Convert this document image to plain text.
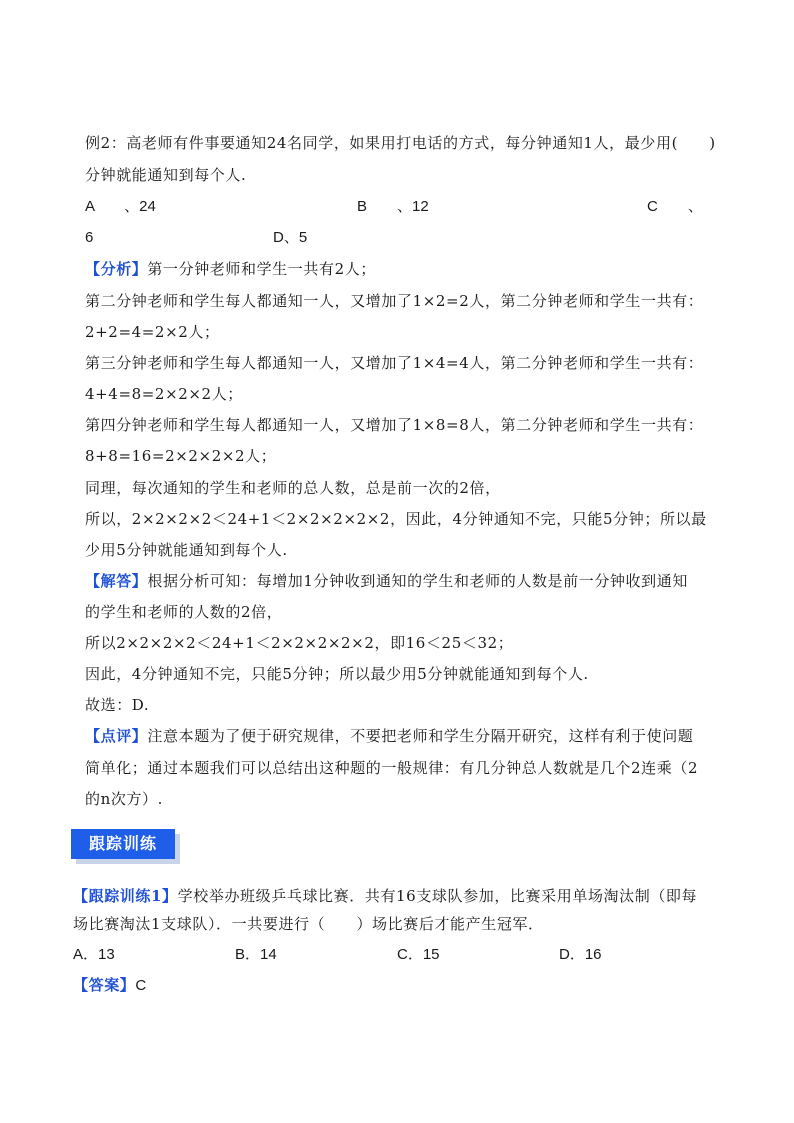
例2：高老师有件事要通知24名同学，如果用打电话的方式，每分钟通知1人，最少用(　　)
分钟就能通知到每个人.
A　　、24	B　　、12	C　　、
6	D、5
【分析】第一分钟老师和学生一共有2人；
第二分钟老师和学生每人都通知一人，又增加了1×2=2人，第二分钟老师和学生一共有：
2+2=4=2×2人；
第三分钟老师和学生每人都通知一人，又增加了1×4=4人，第二分钟老师和学生一共有：
4+4=8=2×2×2人；
第四分钟老师和学生每人都通知一人，又增加了1×8=8人，第二分钟老师和学生一共有：
8+8=16=2×2×2×2人；
同理，每次通知的学生和老师的总人数，总是前一次的2倍，
所以，2×2×2×2＜24+1＜2×2×2×2×2，因此，4分钟通知不完，只能5分钟；所以最
少用5分钟就能通知到每个人.
【解答】根据分析可知：每增加1分钟收到通知的学生和老师的人数是前一分钟收到通知
的学生和老师的人数的2倍，
所以2×2×2×2＜24+1＜2×2×2×2×2，即16＜25＜32；
因此，4分钟通知不完，只能5分钟；所以最少用5分钟就能通知到每个人.
故选：D.
【点评】注意本题为了便于研究规律，不要把老师和学生分隔开研究，这样有利于使问题
简单化；通过本题我们可以总结出这种题的一般规律：有几分钟总人数就是几个2连乘（2
的n次方）.
跟踪训练
【跟踪训练1】学校举办班级乒乓球比赛．共有16支球队参加，比赛采用单场淘汰制（即每
场比赛淘汰1支球队）．一共要进行（　　）场比赛后才能产生冠军．
A．13	B．14	C．15	D．16
【答案】C
